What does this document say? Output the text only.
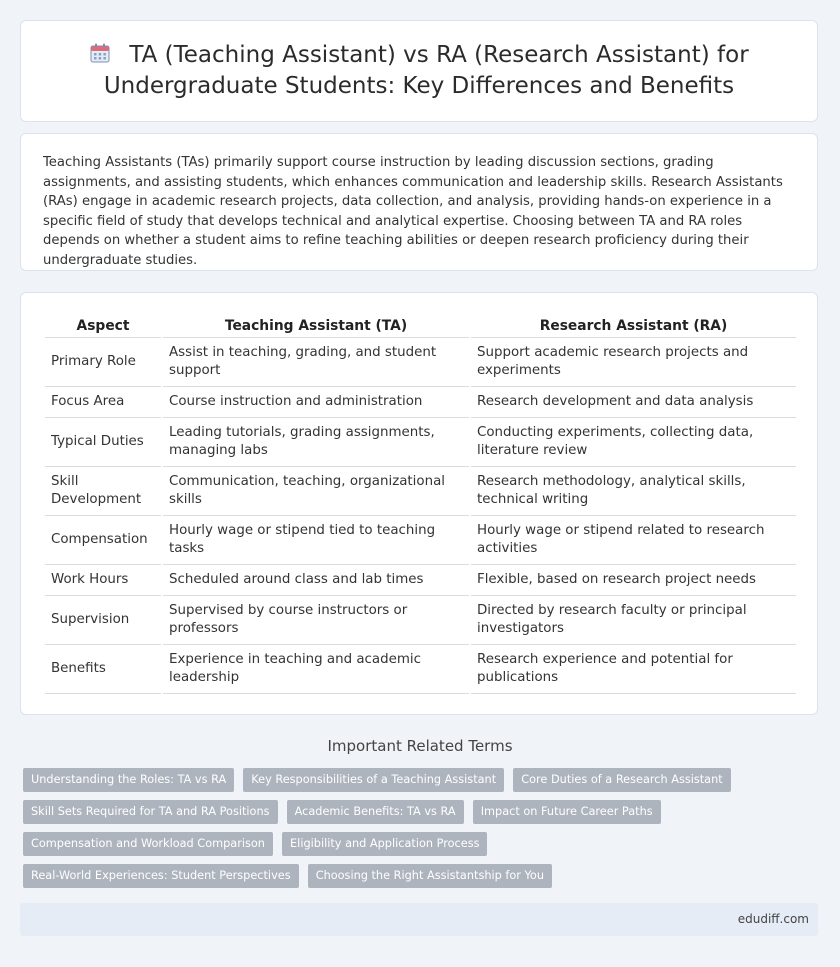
TA (Teaching Assistant) vs RA (Research Assistant) for Undergraduate Students: Key Differences and Benefits

Teaching Assistants (TAs) primarily support course instruction by leading discussion sections, grading assignments, and assisting students, which enhances communication and leadership skills. Research Assistants (RAs) engage in academic research projects, data collection, and analysis, providing hands-on experience in a specific field of study that develops technical and analytical expertise. Choosing between TA and RA roles depends on whether a student aims to refine teaching abilities or deepen research proficiency during their undergraduate studies.

Aspect	Teaching Assistant (TA)	Research Assistant (RA)
Primary Role	Assist in teaching, grading, and student support	Support academic research projects and experiments
Focus Area	Course instruction and administration	Research development and data analysis
Typical Duties	Leading tutorials, grading assignments, managing labs	Conducting experiments, collecting data, literature review
Skill Development	Communication, teaching, organizational skills	Research methodology, analytical skills, technical writing
Compensation	Hourly wage or stipend tied to teaching tasks	Hourly wage or stipend related to research activities
Work Hours	Scheduled around class and lab times	Flexible, based on research project needs
Supervision	Supervised by course instructors or professors	Directed by research faculty or principal investigators
Benefits	Experience in teaching and academic leadership	Research experience and potential for publications
Important Related Terms
Understanding the Roles: TA vs RA Key Responsibilities of a Teaching Assistant Core Duties of a Research Assistant Skill Sets Required for TA and RA Positions Academic Benefits: TA vs RA Impact on Future Career Paths Compensation and Workload Comparison Eligibility and Application Process Real-World Experiences: Student Perspectives Choosing the Right Assistantship for You
edudiff.com
